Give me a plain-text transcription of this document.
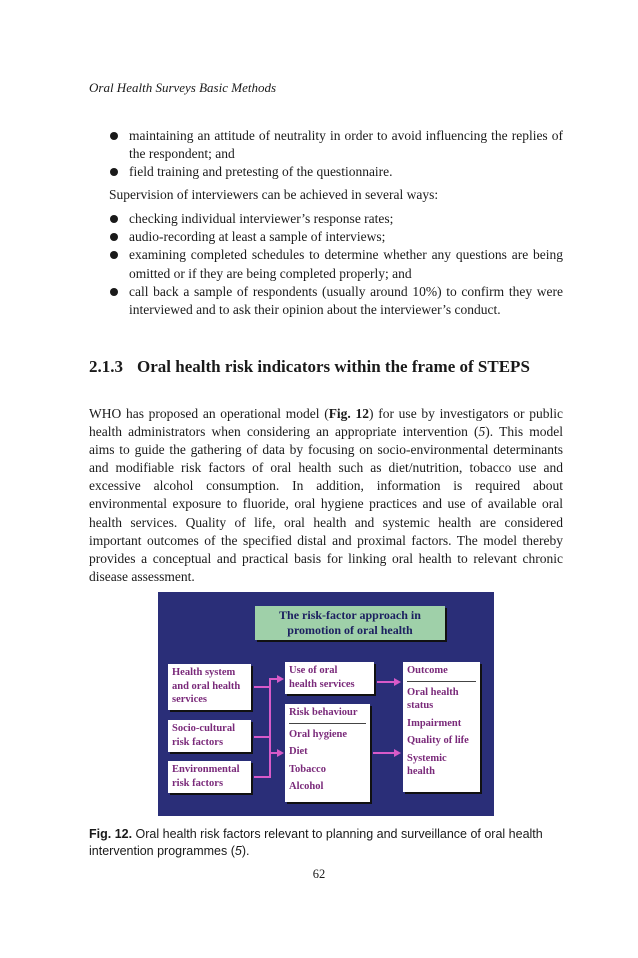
Oral Health Surveys Basic Methods
maintaining an attitude of neutrality in order to avoid influencing the replies of the respondent; and
field training and pretesting of the questionnaire.
Supervision of interviewers can be achieved in several ways:
checking individual interviewer’s response rates;
audio-recording at least a sample of interviews;
examining completed schedules to determine whether any questions are being omitted or if they are being completed properly; and
call back a sample of respondents (usually around 10%) to confirm they were interviewed and to ask their opinion about the interviewer’s conduct.
2.1.3 Oral health risk indicators within the frame of STEPS
WHO has proposed an operational model (Fig. 12) for use by investigators or public health administrators when considering an appropriate intervention (5). This model aims to guide the gathering of data by focusing on socio-environmental determinants and modifiable risk factors of oral health such as diet/nutrition, tobacco use and excessive alcohol consumption. In addition, information is required about environmental exposure to fluoride, oral hygiene practices and use of available oral health services. Quality of life, oral health and systemic health are considered important outcomes of the specified distal and proximal factors. The model thereby provides a conceptual and practical basis for linking oral health to relevant chronic disease assessment.
The risk-factor approach in
promotion of oral health
Health system
and oral health
services
Socio-cultural
risk factors
Environmental
risk factors
Use of oral
health services
Risk behaviour
Oral hygiene
Diet
Tobacco
Alcohol
Outcome
Oral health status
Impairment
Quality of life
Systemic health
Fig. 12. Oral health risk factors relevant to planning and surveillance of oral health intervention programmes (5).
62
